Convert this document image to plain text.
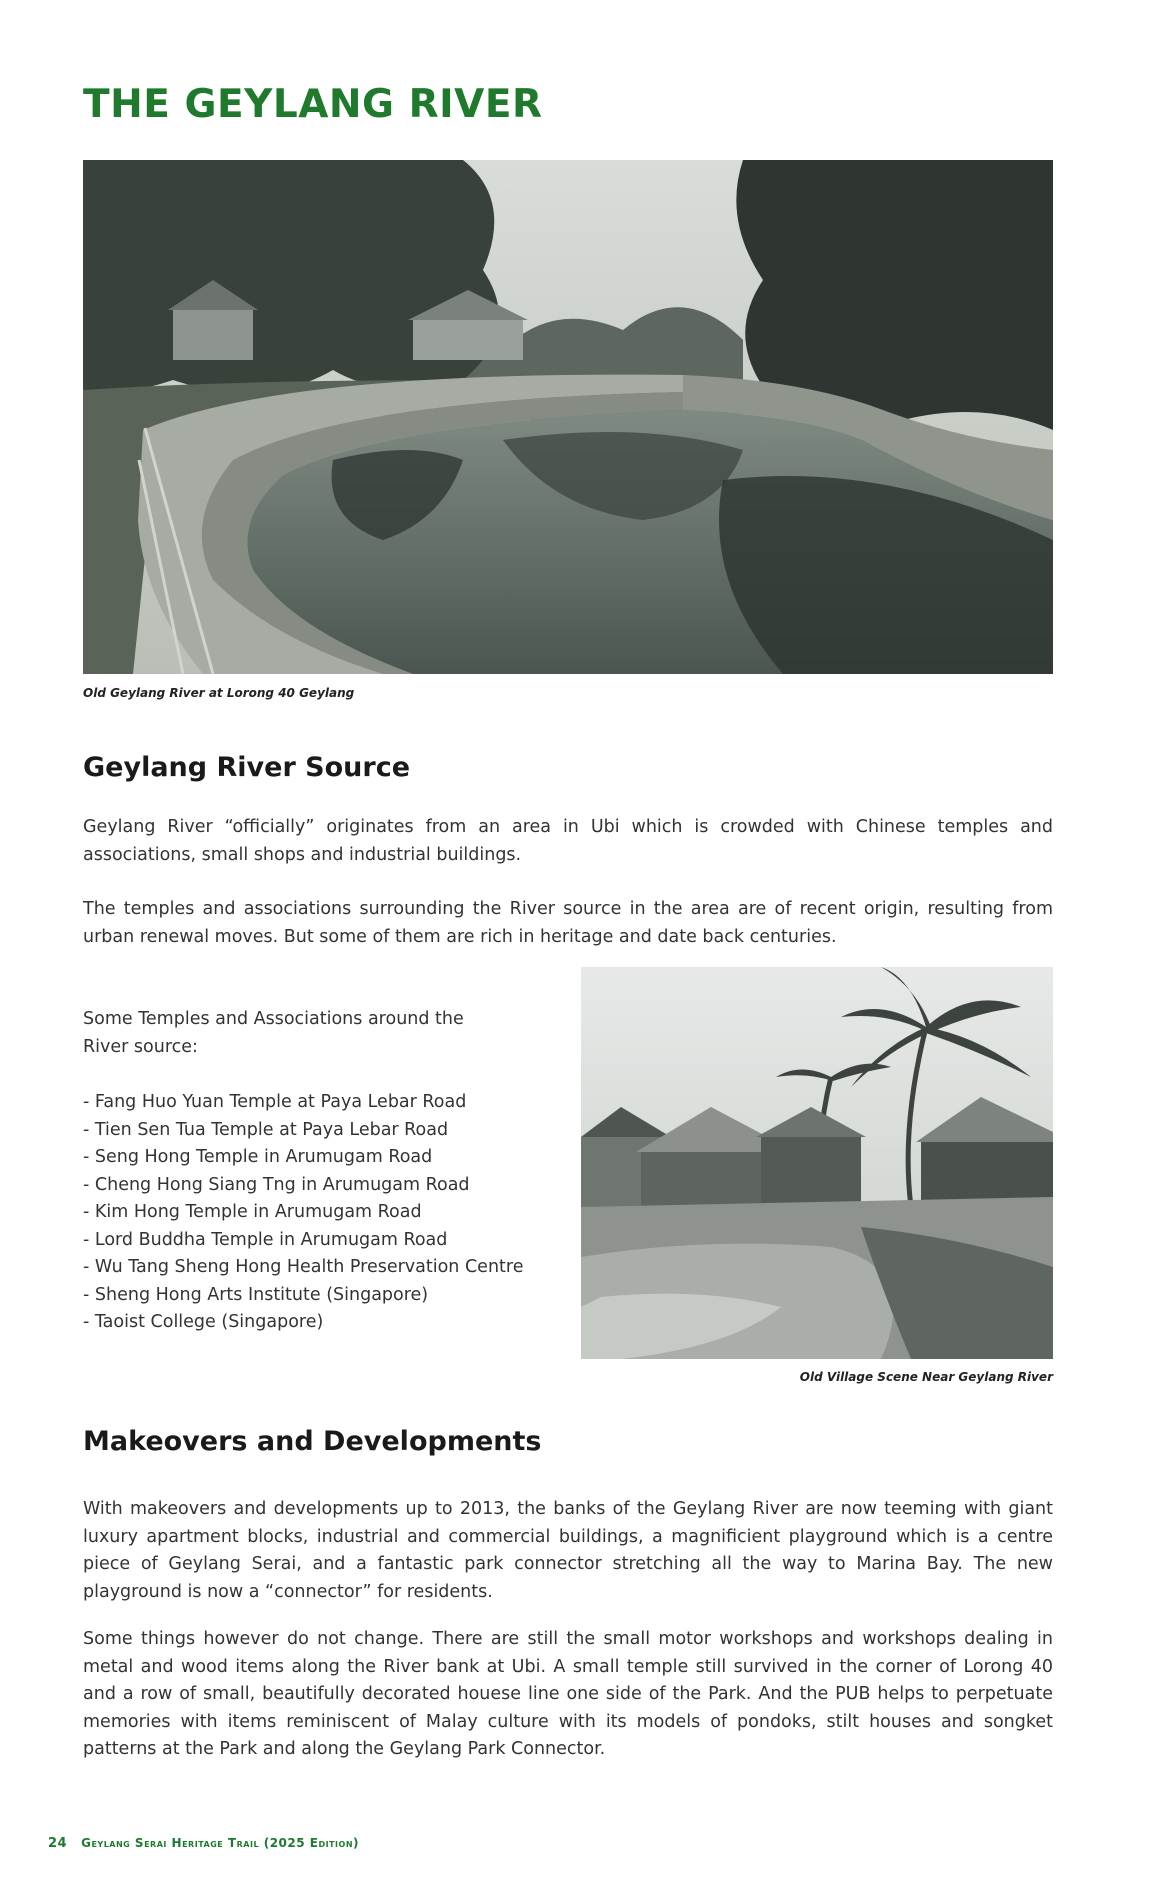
THE GEYLANG RIVER
Old Geylang River at Lorong 40 Geylang
Geylang River Source

Geylang River “officially” originates from an area in Ubi which is crowded with Chinese temples and associations, small shops and industrial buildings.

The temples and associations surrounding the River source in the area are of recent origin, resulting from urban renewal moves. But some of them are rich in heritage and date back centuries.

Some Temples and Associations around the River source:

- Fang Huo Yuan Temple at Paya Lebar Road
- Tien Sen Tua Temple at Paya Lebar Road
- Seng Hong Temple in Arumugam Road
- Cheng Hong Siang Tng in Arumugam Road
- Kim Hong Temple in Arumugam Road
- Lord Buddha Temple in Arumugam Road
- Wu Tang Sheng Hong Health Preservation Centre
- Sheng Hong Arts Institute (Singapore)
- Taoist College (Singapore)
Old Village Scene Near Geylang River
Makeovers and Developments

With makeovers and developments up to 2013, the banks of the Geylang River are now teeming with giant luxury apartment blocks, industrial and commercial buildings, a magnificient playground which is a centre piece of Geylang Serai, and a fantastic park connector stretching all the way to Marina Bay. The new playground is now a “connector” for residents.

Some things however do not change. There are still the small motor workshops and workshops dealing in metal and wood items along the River bank at Ubi. A small temple still survived in the corner of Lorong 40 and a row of small, beautifully decorated houese line one side of the Park. And the PUB helps to perpetuate memories with items reminiscent of Malay culture with its models of pondoks, stilt houses and songket patterns at the Park and along the Geylang Park Connector.

24 Geylang Serai Heritage Trail (2025 Edition)
